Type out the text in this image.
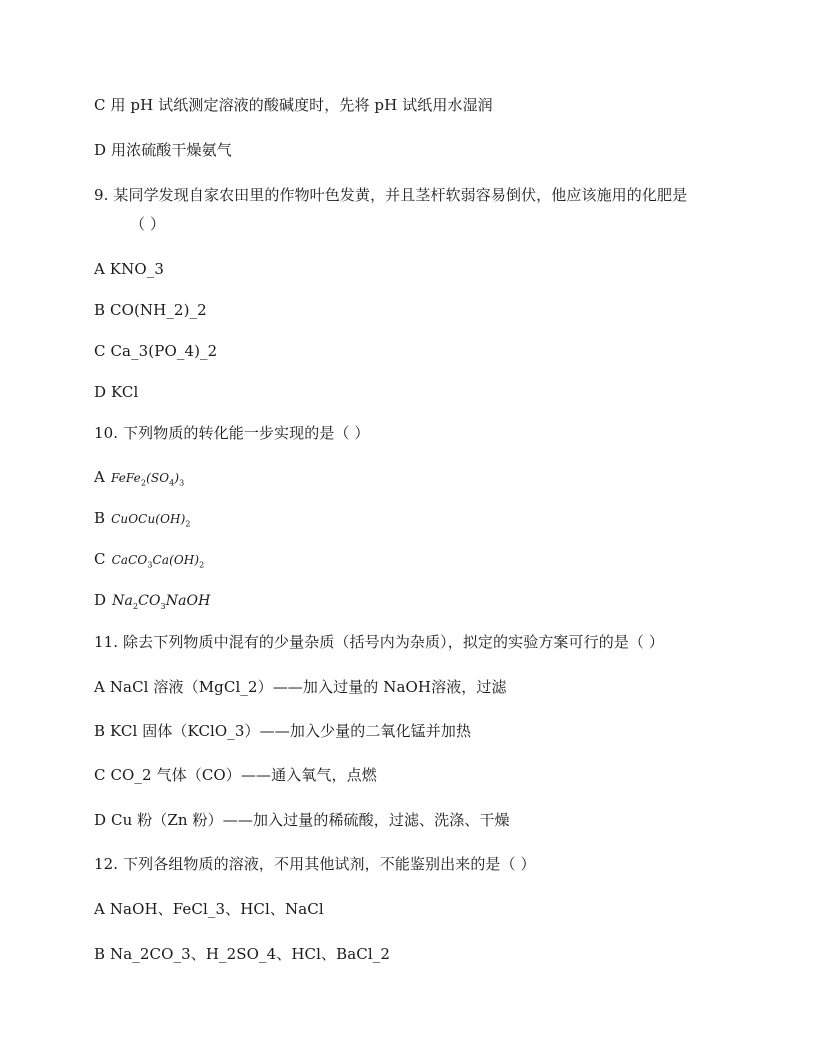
C 用 pH 试纸测定溶液的酸碱度时，先将 pH 试纸用水湿润
D 用浓硫酸干燥氨气
9. 某同学发现自家农田里的作物叶色发黄，并且茎杆软弱容易倒伏，他应该施用的化肥是
（ ）
A KNO_3
B CO(NH_2)_2
C Ca_3(PO_4)_2
D KCl
10. 下列物质的转化能一步实现的是（ ）
A $FeFe_2(SO_4)_3$
B $CuOCu(OH)_2$
C $CaCO_3Ca(OH)_2$
D $Na_2CO_3NaOH$
11. 除去下列物质中混有的少量杂质（括号内为杂质），拟定的实验方案可行的是（ ）
A NaCl 溶液（MgCl_2）——加入过量的 NaOH溶液，过滤
B KCl 固体（KClO_3）——加入少量的二氧化锰并加热
C CO_2 气体（CO）——通入氧气，点燃
D Cu 粉（Zn 粉）——加入过量的稀硫酸，过滤、洗涤、干燥
12. 下列各组物质的溶液，不用其他试剂，不能鉴别出来的是（ ）
A NaOH、FeCl_3、HCl、NaCl
B Na_2CO_3、H_2SO_4、HCl、BaCl_2
